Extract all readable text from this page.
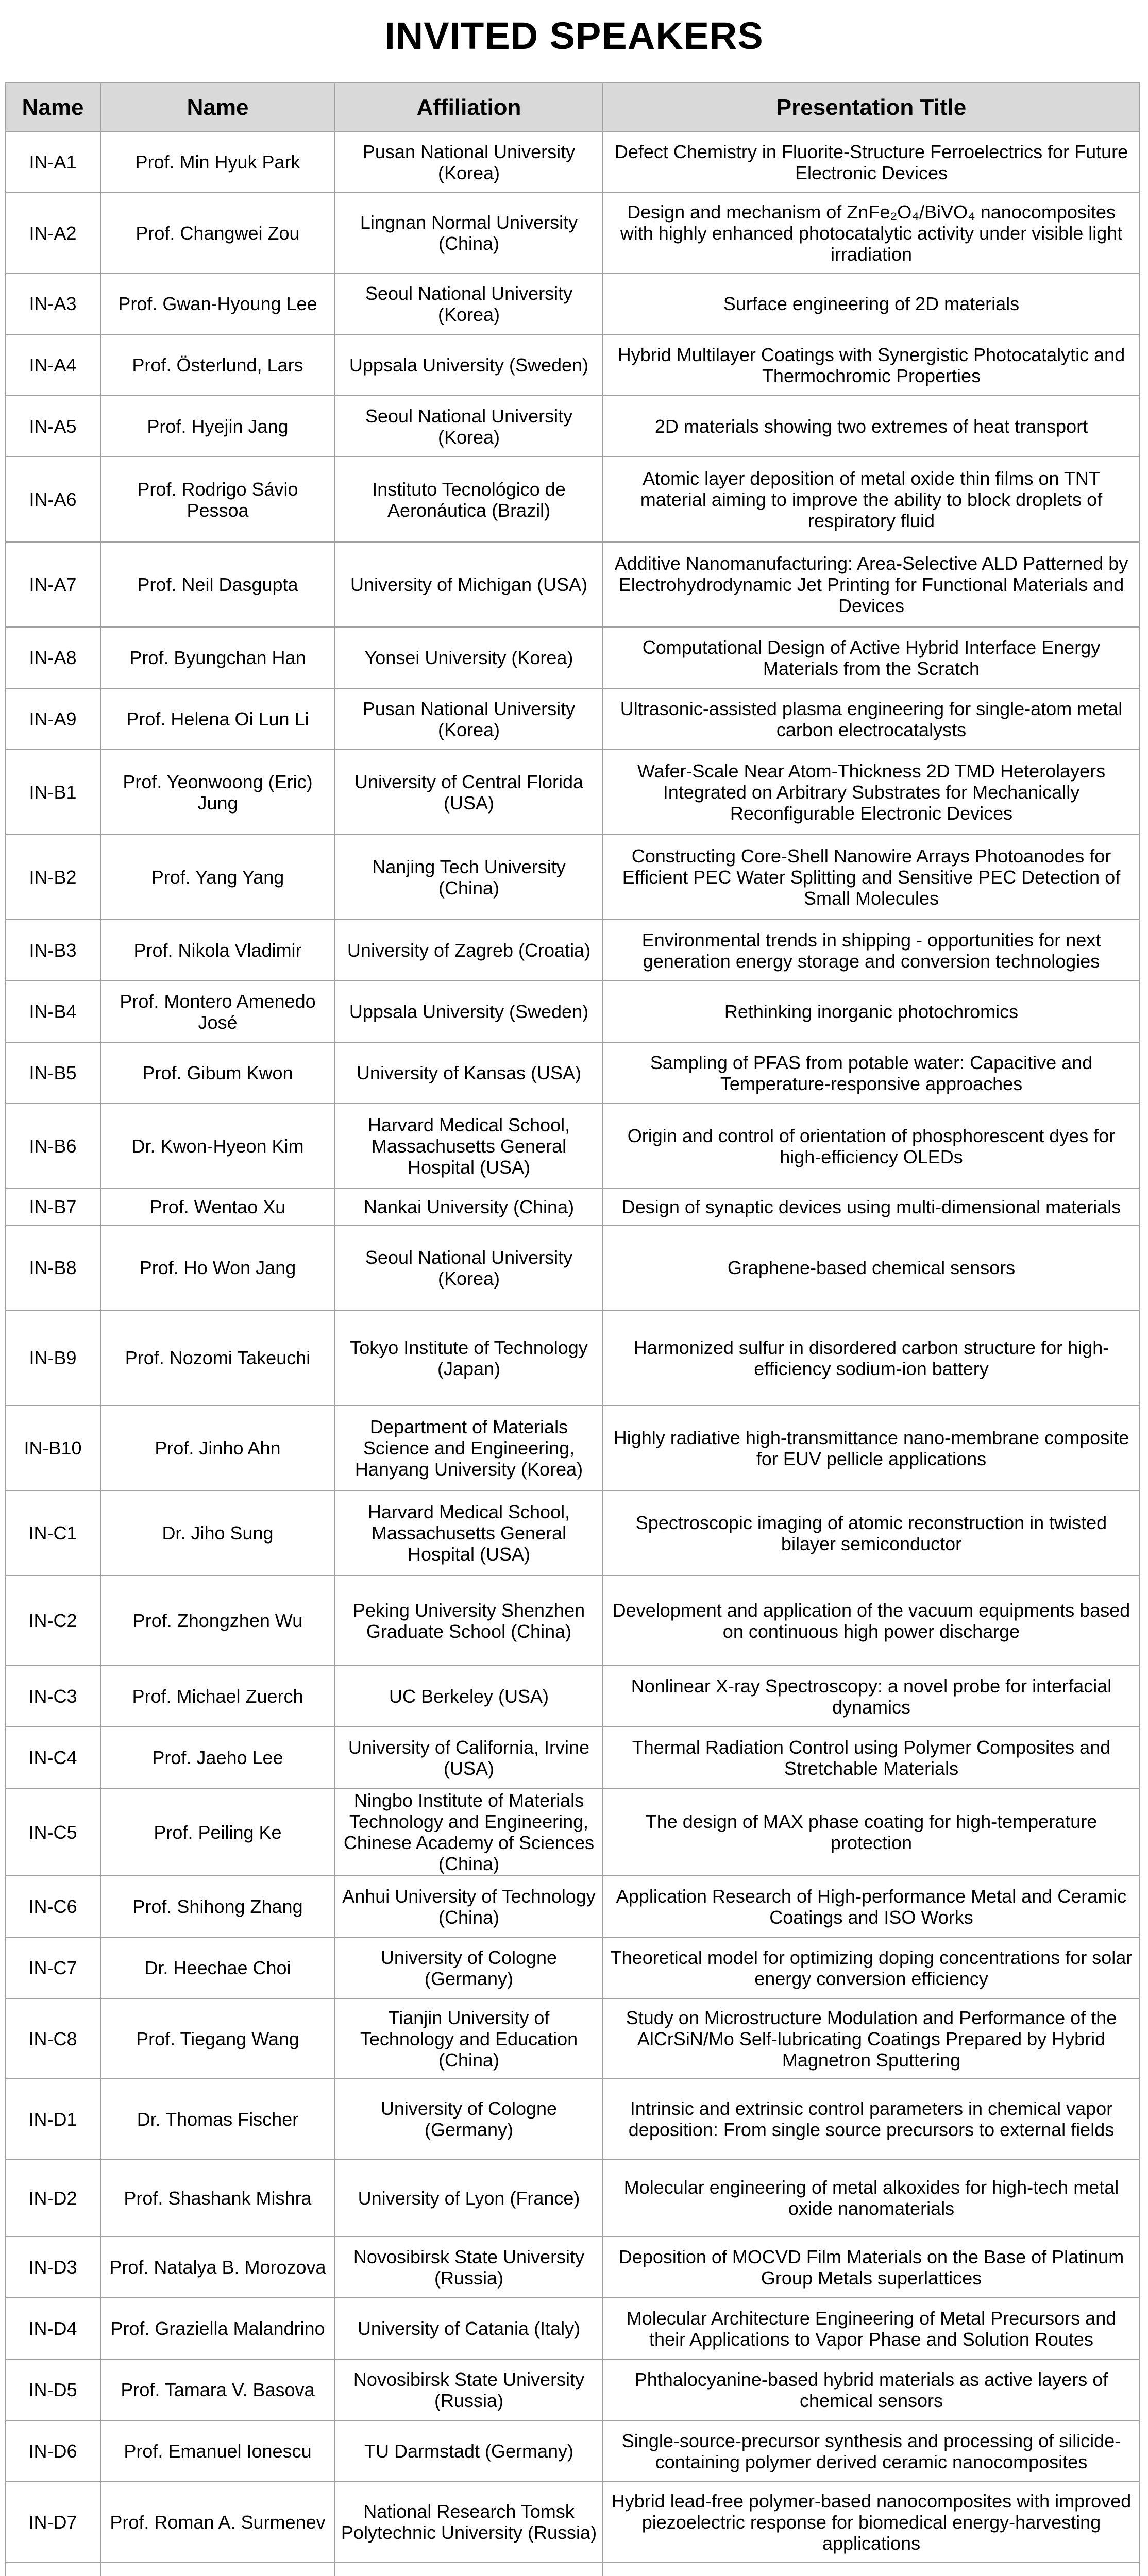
INVITED SPEAKERS
Name	Name	Affiliation	Presentation Title
IN-A1	Prof. Min Hyuk Park	Pusan National University (Korea)	Defect Chemistry in Fluorite-Structure Ferroelectrics for Future Electronic Devices
IN-A2	Prof. Changwei Zou	Lingnan Normal University (China)	Design and mechanism of ZnFe₂O₄/BiVO₄ nanocomposites with highly enhanced photocatalytic activity under visible light irradiation
IN-A3	Prof. Gwan-Hyoung Lee	Seoul National University (Korea)	Surface engineering of 2D materials
IN-A4	Prof. Österlund, Lars	Uppsala University (Sweden)	Hybrid Multilayer Coatings with Synergistic Photocatalytic and Thermochromic Properties
IN-A5	Prof. Hyejin Jang	Seoul National University (Korea)	2D materials showing two extremes of heat transport
IN-A6	Prof. Rodrigo Sávio Pessoa	Instituto Tecnológico de Aeronáutica (Brazil)	Atomic layer deposition of metal oxide thin films on TNT material aiming to improve the ability to block droplets of respiratory fluid
IN-A7	Prof. Neil Dasgupta	University of Michigan (USA)	Additive Nanomanufacturing: Area-Selective ALD Patterned by Electrohydrodynamic Jet Printing for Functional Materials and Devices
IN-A8	Prof. Byungchan Han	Yonsei University (Korea)	Computational Design of Active Hybrid Interface Energy Materials from the Scratch
IN-A9	Prof. Helena Oi Lun Li	Pusan National University (Korea)	Ultrasonic-assisted plasma engineering for single-atom metal carbon electrocatalysts
IN-B1	Prof. Yeonwoong (Eric) Jung	University of Central Florida (USA)	Wafer-Scale Near Atom-Thickness 2D TMD Heterolayers Integrated on Arbitrary Substrates for Mechanically Reconfigurable Electronic Devices
IN-B2	Prof. Yang Yang	Nanjing Tech University (China)	Constructing Core-Shell Nanowire Arrays Photoanodes for Efficient PEC Water Splitting and Sensitive PEC Detection of Small Molecules
IN-B3	Prof. Nikola Vladimir	University of Zagreb (Croatia)	Environmental trends in shipping - opportunities for next generation energy storage and conversion technologies
IN-B4	Prof. Montero Amenedo José	Uppsala University (Sweden)	Rethinking inorganic photochromics
IN-B5	Prof. Gibum Kwon	University of Kansas (USA)	Sampling of PFAS from potable water: Capacitive and Temperature-responsive approaches
IN-B6	Dr. Kwon-Hyeon Kim	Harvard Medical School, Massachusetts General Hospital (USA)	Origin and control of orientation of phosphorescent dyes for high-efficiency OLEDs
IN-B7	Prof. Wentao Xu	Nankai University (China)	Design of synaptic devices using multi-dimensional materials
IN-B8	Prof. Ho Won Jang	Seoul National University (Korea)	Graphene-based chemical sensors
IN-B9	Prof. Nozomi Takeuchi	Tokyo Institute of Technology (Japan)	Harmonized sulfur in disordered carbon structure for high-efficiency sodium-ion battery
IN-B10	Prof. Jinho Ahn	Department of Materials Science and Engineering, Hanyang University (Korea)	Highly radiative high-transmittance nano-membrane composite for EUV pellicle applications
IN-C1	Dr. Jiho Sung	Harvard Medical School, Massachusetts General Hospital (USA)	Spectroscopic imaging of atomic reconstruction in twisted bilayer semiconductor
IN-C2	Prof. Zhongzhen Wu	Peking University Shenzhen Graduate School (China)	Development and application of the vacuum equipments based on continuous high power discharge
IN-C3	Prof. Michael Zuerch	UC Berkeley (USA)	Nonlinear X-ray Spectroscopy: a novel probe for interfacial dynamics
IN-C4	Prof. Jaeho Lee	University of California, Irvine (USA)	Thermal Radiation Control using Polymer Composites and Stretchable Materials
IN-C5	Prof. Peiling Ke	Ningbo Institute of Materials Technology and Engineering, Chinese Academy of Sciences (China)	The design of MAX phase coating for high-temperature protection
IN-C6	Prof. Shihong Zhang	Anhui University of Technology (China)	Application Research of High-performance Metal and Ceramic Coatings and ISO Works
IN-C7	Dr. Heechae Choi	University of Cologne (Germany)	Theoretical model for optimizing doping concentrations for solar energy conversion efficiency
IN-C8	Prof. Tiegang Wang	Tianjin University of Technology and Education (China)	Study on Microstructure Modulation and Performance of the AlCrSiN/Mo Self-lubricating Coatings Prepared by Hybrid Magnetron Sputtering
IN-D1	Dr. Thomas Fischer	University of Cologne (Germany)	Intrinsic and extrinsic control parameters in chemical vapor deposition: From single source precursors to external fields
IN-D2	Prof. Shashank Mishra	University of Lyon (France)	Molecular engineering of metal alkoxides for high-tech metal oxide nanomaterials
IN-D3	Prof. Natalya B. Morozova	Novosibirsk State University (Russia)	Deposition of MOCVD Film Materials on the Base of Platinum Group Metals superlattices
IN-D4	Prof. Graziella Malandrino	University of Catania (Italy)	Molecular Architecture Engineering of Metal Precursors and their Applications to Vapor Phase and Solution Routes
IN-D5	Prof. Tamara V. Basova	Novosibirsk State University (Russia)	Phthalocyanine-based hybrid materials as active layers of chemical sensors
IN-D6	Prof. Emanuel Ionescu	TU Darmstadt (Germany)	Single-source-precursor synthesis and processing of silicide-containing polymer derived ceramic nanocomposites
IN-D7	Prof. Roman A. Surmenev	National Research Tomsk Polytechnic University (Russia)	Hybrid lead-free polymer-based nanocomposites with improved piezoelectric response for biomedical energy-harvesting applications
